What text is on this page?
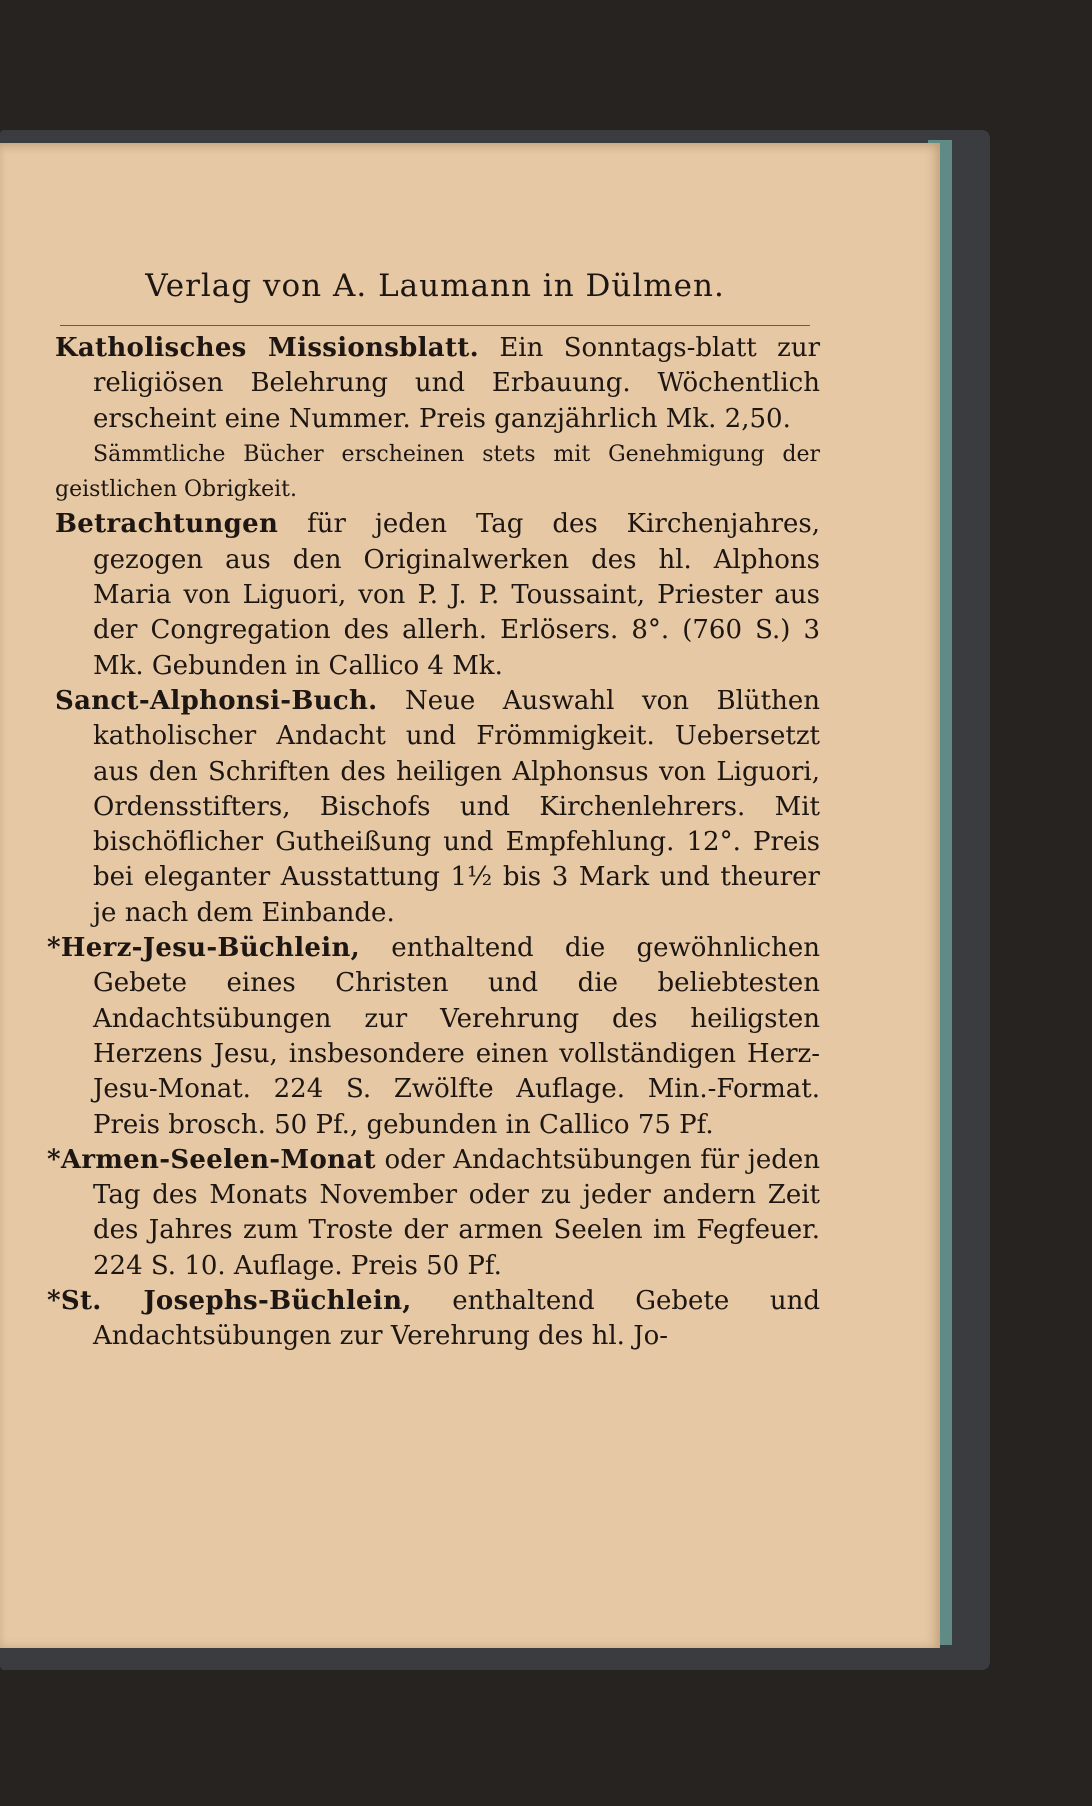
Verlag von A. Laumann in Dülmen.

Katholisches Missionsblatt. Ein Sonntags-blatt zur religiösen Belehrung und Erbauung. Wöchentlich erscheint eine Nummer. Preis ganzjährlich Mk. 2,50.

Sämmtliche Bücher erscheinen stets mit Genehmigung der geistlichen Obrigkeit.

Betrachtungen für jeden Tag des Kirchenjahres, gezogen aus den Originalwerken des hl. Alphons Maria von Liguori, von P. J. P. Toussaint, Priester aus der Congregation des allerh. Erlösers. 8°. (760 S.) 3 Mk. Gebunden in Callico 4 Mk.

Sanct-Alphonsi-Buch. Neue Auswahl von Blüthen katholischer Andacht und Frömmigkeit. Uebersetzt aus den Schriften des heiligen Alphonsus von Liguori, Ordensstifters, Bischofs und Kirchenlehrers. Mit bischöflicher Gutheißung und Empfehlung. 12°. Preis bei eleganter Ausstattung 1½ bis 3 Mark und theurer je nach dem Einbande.

*Herz-Jesu-Büchlein, enthaltend die gewöhnlichen Gebete eines Christen und die beliebtesten Andachtsübungen zur Verehrung des heiligsten Herzens Jesu, insbesondere einen vollständigen Herz-Jesu-Monat. 224 S. Zwölfte Auflage. Min.-Format. Preis brosch. 50 Pf., gebunden in Callico 75 Pf.

*Armen-Seelen-Monat oder Andachtsübungen für jeden Tag des Monats November oder zu jeder andern Zeit des Jahres zum Troste der armen Seelen im Fegfeuer. 224 S. 10. Auflage. Preis 50 Pf.

*St. Josephs-Büchlein, enthaltend Gebete und Andachtsübungen zur Verehrung des hl. Jo-
